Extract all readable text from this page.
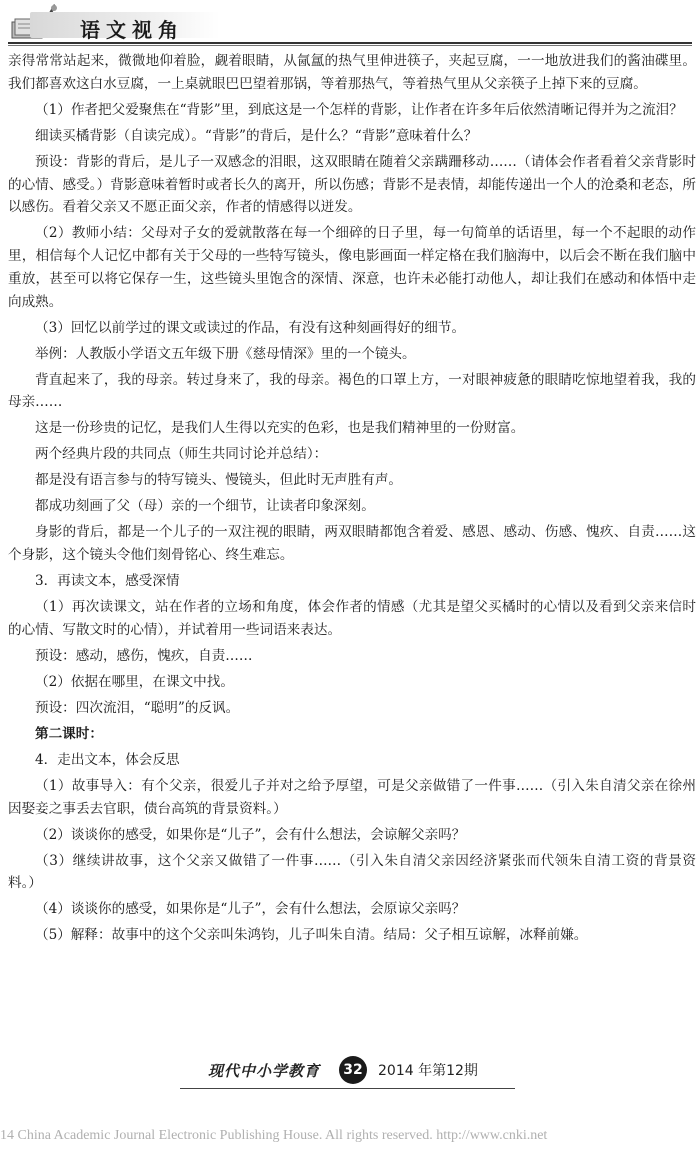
语文视角

亲得常常站起来，微微地仰着脸，觑着眼睛，从氤氲的热气里伸进筷子，夹起豆腐，一一地放进我们的酱油碟里。我们都喜欢这白水豆腐，一上桌就眼巴巴望着那锅，等着那热气，等着热气里从父亲筷子上掉下来的豆腐。

（1）作者把父爱聚焦在“背影”里，到底这是一个怎样的背影，让作者在许多年后依然清晰记得并为之流泪？

细读买橘背影（自读完成）。“背影”的背后，是什么？“背影”意味着什么？

预设：背影的背后，是儿子一双感念的泪眼，这双眼睛在随着父亲蹒跚移动……（请体会作者看着父亲背影时的心情、感受。）背影意味着暂时或者长久的离开，所以伤感；背影不是表情，却能传递出一个人的沧桑和老态，所以感伤。看着父亲又不愿正面父亲，作者的情感得以迸发。

（2）教师小结：父母对子女的爱就散落在每一个细碎的日子里，每一句简单的话语里，每一个不起眼的动作里，相信每个人记忆中都有关于父母的一些特写镜头，像电影画面一样定格在我们脑海中，以后会不断在我们脑中重放，甚至可以将它保存一生，这些镜头里饱含的深情、深意，也许未必能打动他人，却让我们在感动和体悟中走向成熟。

（3）回忆以前学过的课文或读过的作品，有没有这种刻画得好的细节。

举例：人教版小学语文五年级下册《慈母情深》里的一个镜头。

背直起来了，我的母亲。转过身来了，我的母亲。褐色的口罩上方，一对眼神疲惫的眼睛吃惊地望着我，我的母亲……

这是一份珍贵的记忆，是我们人生得以充实的色彩，也是我们精神里的一份财富。

两个经典片段的共同点（师生共同讨论并总结）：

都是没有语言参与的特写镜头、慢镜头，但此时无声胜有声。

都成功刻画了父（母）亲的一个细节，让读者印象深刻。

身影的背后，都是一个儿子的一双注视的眼睛，两双眼睛都饱含着爱、感恩、感动、伤感、愧疚、自责……这个身影，这个镜头令他们刻骨铭心、终生难忘。

3．再读文本，感受深情

（1）再次读课文，站在作者的立场和角度，体会作者的情感（尤其是望父买橘时的心情以及看到父亲来信时的心情、写散文时的心情），并试着用一些词语来表达。

预设：感动，感伤，愧疚，自责……

（2）依据在哪里，在课文中找。

预设：四次流泪，“聪明”的反讽。

第二课时：

4．走出文本，体会反思

（1）故事导入：有个父亲，很爱儿子并对之给予厚望，可是父亲做错了一件事……（引入朱自清父亲在徐州因娶妾之事丢去官职，债台高筑的背景资料。）

（2）谈谈你的感受，如果你是“儿子”，会有什么想法，会谅解父亲吗？

（3）继续讲故事，这个父亲又做错了一件事……（引入朱自清父亲因经济紧张而代领朱自清工资的背景资料。）

（4）谈谈你的感受，如果你是“儿子”，会有什么想法，会原谅父亲吗？

（5）解释：故事中的这个父亲叫朱鸿钧，儿子叫朱自清。结局：父子相互谅解，冰释前嫌。

现代中小学教育	32	2014 年第12期
14 China Academic Journal Electronic Publishing House. All rights reserved. http://www.cnki.net
